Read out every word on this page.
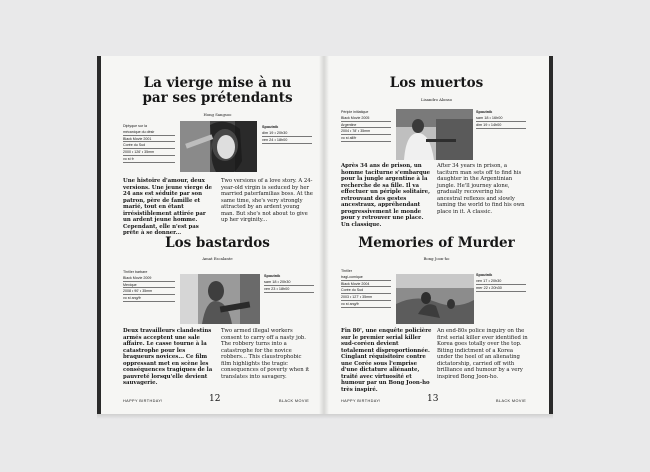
La vierge mise à nu
par ses prétendants
Hong Sangsoo
Diptyque sur la
mécanique du désir
Black Movie 2001
Corée du Sud
2000 • 126' • 35mm
vo st fr
Spoutnik
dim 19 • 20h30
ven 24 • 18h00
Une histoire d'amour, deux versions. Une jeune vierge de 24 ans est séduite par son patron, père de famille et marié, tout en étant irrésistiblement attirée par un ardent jeune homme. Cependant, elle n'est pas prête à se donner...
Two versions of a love story. A 24-year-old virgin is seduced by her married paterfamilias boss. At the same time, she's very strongly attracted by an ardent young man. But she's not about to give up her virginity...
Los bastardos
Amat Escalante
Thriller barbare
Black Movie 2009
Mexique
2008 • 90' • 35mm
vo st ang/fr
Spoutnik
sam 18 • 20h30
ven 23 • 18h00
Deux travailleurs clandestins armés acceptent une sale affaire. Le casse tourne à la catastrophe pour les braqueurs novices... Ce film oppressant met en scène les conséquences tragiques de la pauvreté lorsqu'elle devient sauvagerie.
Two armed illegal workers consent to carry off a nasty job. The robbery turns into a catastrophe for the novice robbers... This claustrophobic film highlights the tragic consequences of poverty when it translates into savagery.
HAPPY BIRTHDAY!	12	BLACK MOVIE
Los muertos
Lisandro Alonso
Périple initiatique
Black Movie 2005
Argentine
2004 • 78' • 35mm
vo st all/fr
Spoutnik
sam 18 • 16h00
dim 19 • 14h00
Après 34 ans de prison, un homme taciturne s'embarque pour la jungle argentine à la recherche de sa fille. Il va effectuer un périple solitaire, retrouvant des gestes ancestraux, appréhendant progressivement le monde pour y retrouver une place. Un classique.
After 34 years in prison, a taciturn man sets off to find his daughter in the Argentinian jungle. He'll journey alone, gradually recovering his ancestral reflexes and slowly taming the world to find his own place in it. A classic.
Memories of Murder
Bong Joon-ho
Thriller
tragi-comique
Black Movie 2004
Corée du Sud
2003 • 127' • 35mm
vo st ang/fr
Spoutnik
ven 17 • 20h30
mer 22 • 20h30
Fin 80', une enquête policière sur le premier serial killer sud-coréen devient totalement disproportionnée. Cinglant réquisitoire contre une Corée sous l'emprise d'une dictature aliénante, traité avec virtuosité et humour par un Bong Joon-ho très inspiré.
An end-80s police inquiry on the first serial killer ever identified in Korea goes totally over the top. Biting indictment of a Korea under the heel of an alienating dictatorship, carried off with brilliance and humour by a very inspired Bong Joon-ho.
HAPPY BIRTHDAY!	13	BLACK MOVIE
